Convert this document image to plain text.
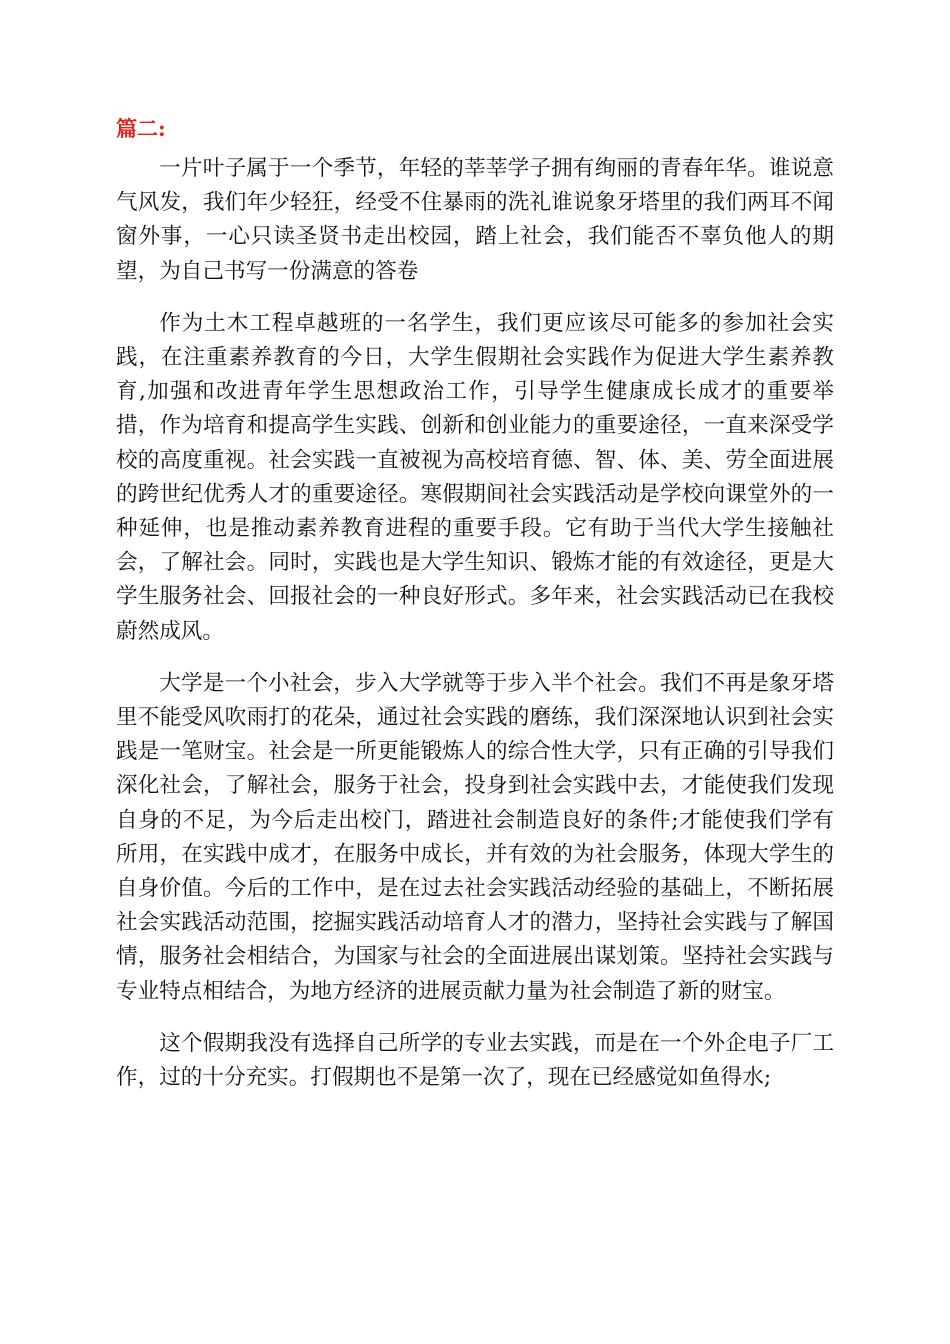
篇二:

一片叶子属于一个季节，年轻的莘莘学子拥有绚丽的青春年华。谁说意气风发，我们年少轻狂，经受不住暴雨的洗礼谁说象牙塔里的我们两耳不闻窗外事，一心只读圣贤书走出校园，踏上社会，我们能否不辜负他人的期望，为自己书写一份满意的答卷

作为土木工程卓越班的一名学生，我们更应该尽可能多的参加社会实践，在注重素养教育的今日，大学生假期社会实践作为促进大学生素养教育,加强和改进青年学生思想政治工作，引导学生健康成长成才的重要举措，作为培育和提高学生实践、创新和创业能力的重要途径，一直来深受学校的高度重视。社会实践一直被视为高校培育德、智、体、美、劳全面进展的跨世纪优秀人才的重要途径。寒假期间社会实践活动是学校向课堂外的一种延伸，也是推动素养教育进程的重要手段。它有助于当代大学生接触社会，了解社会。同时，实践也是大学生知识、锻炼才能的有效途径，更是大学生服务社会、回报社会的一种良好形式。多年来，社会实践活动已在我校蔚然成风。

大学是一个小社会，步入大学就等于步入半个社会。我们不再是象牙塔里不能受风吹雨打的花朵，通过社会实践的磨练，我们深深地认识到社会实践是一笔财宝。社会是一所更能锻炼人的综合性大学，只有正确的引导我们深化社会，了解社会，服务于社会，投身到社会实践中去，才能使我们发现自身的不足，为今后走出校门，踏进社会制造良好的条件;才能使我们学有所用，在实践中成才，在服务中成长，并有效的为社会服务，体现大学生的自身价值。今后的工作中，是在过去社会实践活动经验的基础上，不断拓展社会实践活动范围，挖掘实践活动培育人才的潜力，坚持社会实践与了解国情，服务社会相结合，为国家与社会的全面进展出谋划策。坚持社会实践与专业特点相结合，为地方经济的进展贡献力量为社会制造了新的财宝。

这个假期我没有选择自己所学的专业去实践，而是在一个外企电子厂工作，过的十分充实。打假期也不是第一次了，现在已经感觉如鱼得水;
